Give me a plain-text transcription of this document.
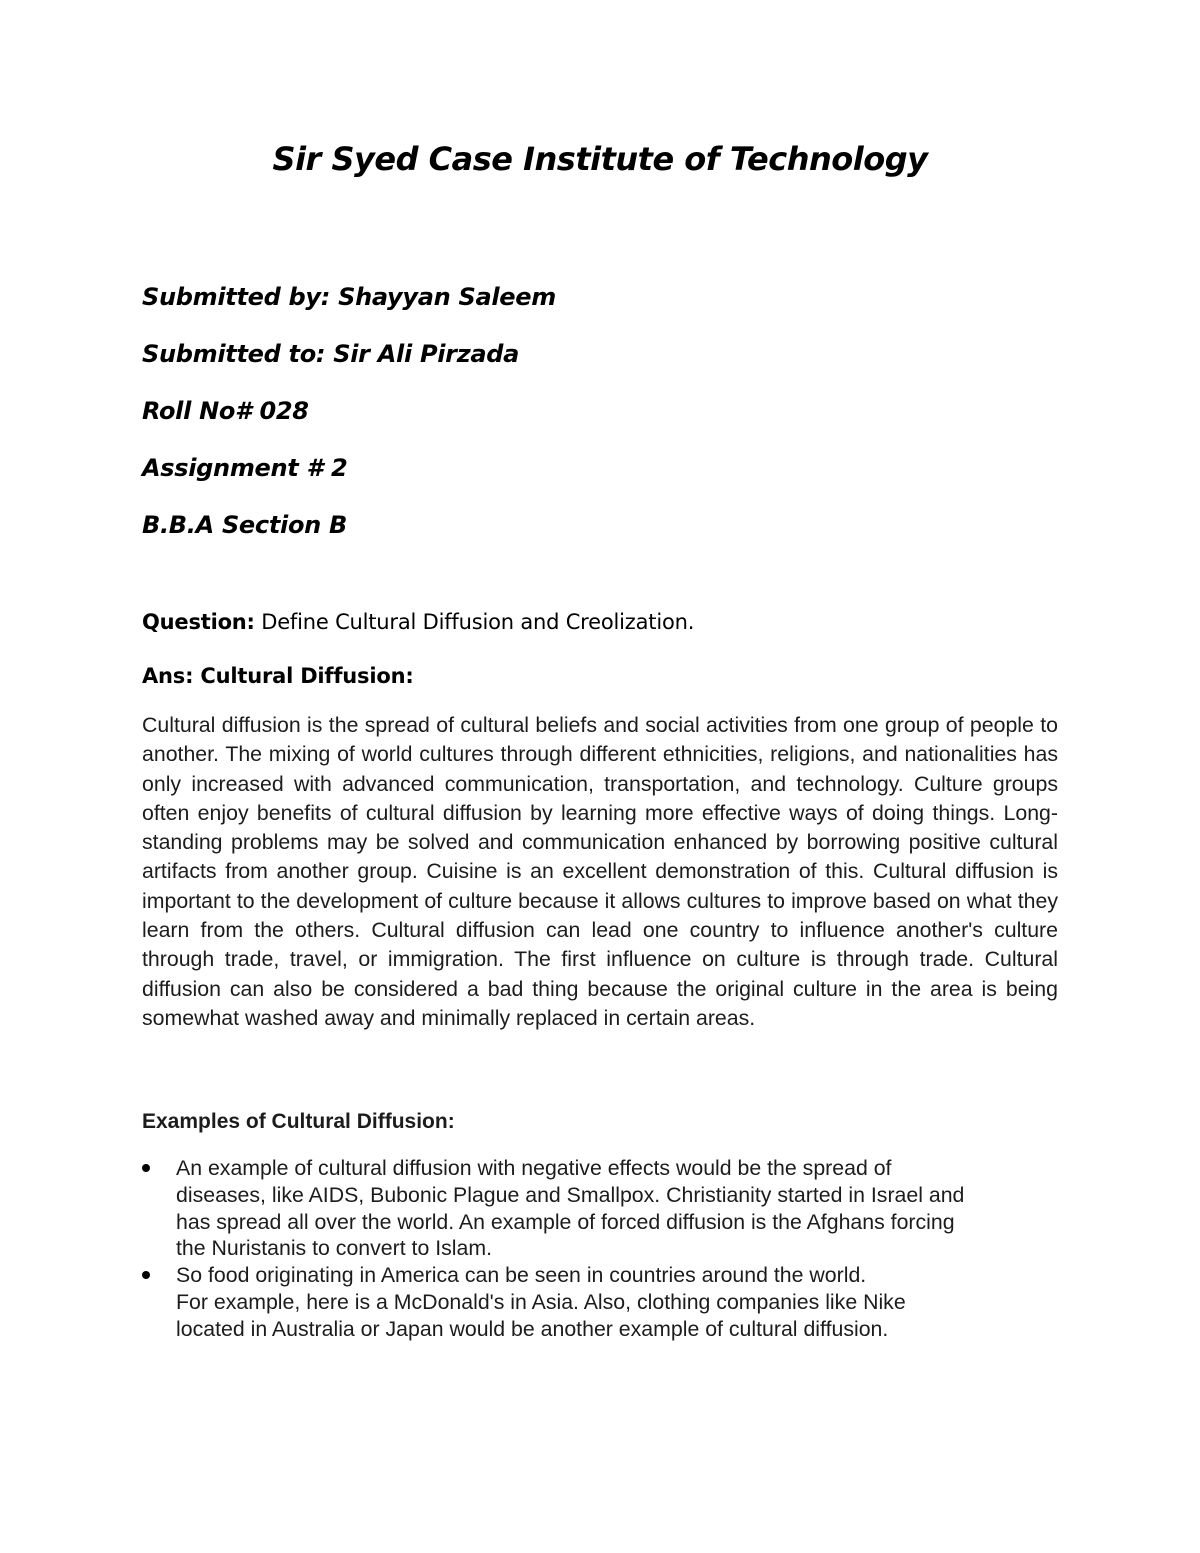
Sir Syed Case Institute of Technology
Submitted by: Shayyan Saleem
Submitted to: Sir Ali Pirzada
Roll No# 028
Assignment # 2
B.B.A Section B

Question: Define Cultural Diffusion and Creolization.

Ans: Cultural Diffusion:

Cultural diffusion is the spread of cultural beliefs and social activities from one group of people to another. The mixing of world cultures through different ethnicities, religions, and nationalities has only increased with advanced communication, transportation, and technology. Culture groups often enjoy benefits of cultural diffusion by learning more effective ways of doing things. Long-standing problems may be solved and communication enhanced by borrowing positive cultural artifacts from another group. Cuisine is an excellent demonstration of this. Cultural diffusion is important to the development of culture because it allows cultures to improve based on what they learn from the others. Cultural diffusion can lead one country to influence another's culture through trade, travel, or immigration. The first influence on culture is through trade. Cultural diffusion can also be considered a bad thing because the original culture in the area is being somewhat washed away and minimally replaced in certain areas.

Examples of Cultural Diffusion:

An example of cultural diffusion with negative effects would be the spread of
diseases, like AIDS, Bubonic Plague and Smallpox. Christianity started in Israel and
has spread all over the world. An example of forced diffusion is the Afghans forcing
the Nuristanis to convert to Islam.
So food originating in America can be seen in countries around the world.
For example, here is a McDonald's in Asia. Also, clothing companies like Nike
located in Australia or Japan would be another example of cultural diffusion.
